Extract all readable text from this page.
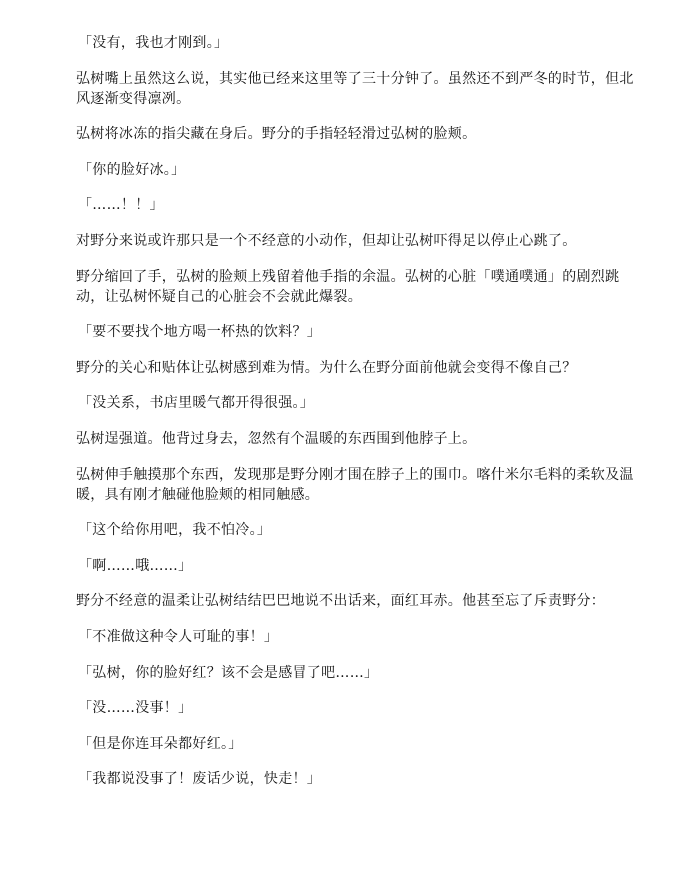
「没有，我也才刚到。」

弘树嘴上虽然这么说，其实他已经来这里等了三十分钟了。虽然还不到严冬的时节，但北风逐渐变得凛冽。

弘树将冰冻的指尖藏在身后。野分的手指轻轻滑过弘树的脸颊。

「你的脸好冰。」

「……！！」

对野分来说或许那只是一个不经意的小动作，但却让弘树吓得足以停止心跳了。

野分缩回了手，弘树的脸颊上残留着他手指的余温。弘树的心脏「噗通噗通」的剧烈跳动，让弘树怀疑自己的心脏会不会就此爆裂。

「要不要找个地方喝一杯热的饮料？」

野分的关心和贴体让弘树感到难为情。为什么在野分面前他就会变得不像自己？

「没关系，书店里暖气都开得很强。」

弘树逞强道。他背过身去，忽然有个温暖的东西围到他脖子上。

弘树伸手触摸那个东西，发现那是野分刚才围在脖子上的围巾。喀什米尔毛料的柔软及温暖，具有刚才触碰他脸颊的相同触感。

「这个给你用吧，我不怕冷。」

「啊……哦……」

野分不经意的温柔让弘树结结巴巴地说不出话来，面红耳赤。他甚至忘了斥责野分：

「不准做这种令人可耻的事！」

「弘树，你的脸好红？该不会是感冒了吧……」

「没……没事！」

「但是你连耳朵都好红。」

「我都说没事了！废话少说，快走！」
